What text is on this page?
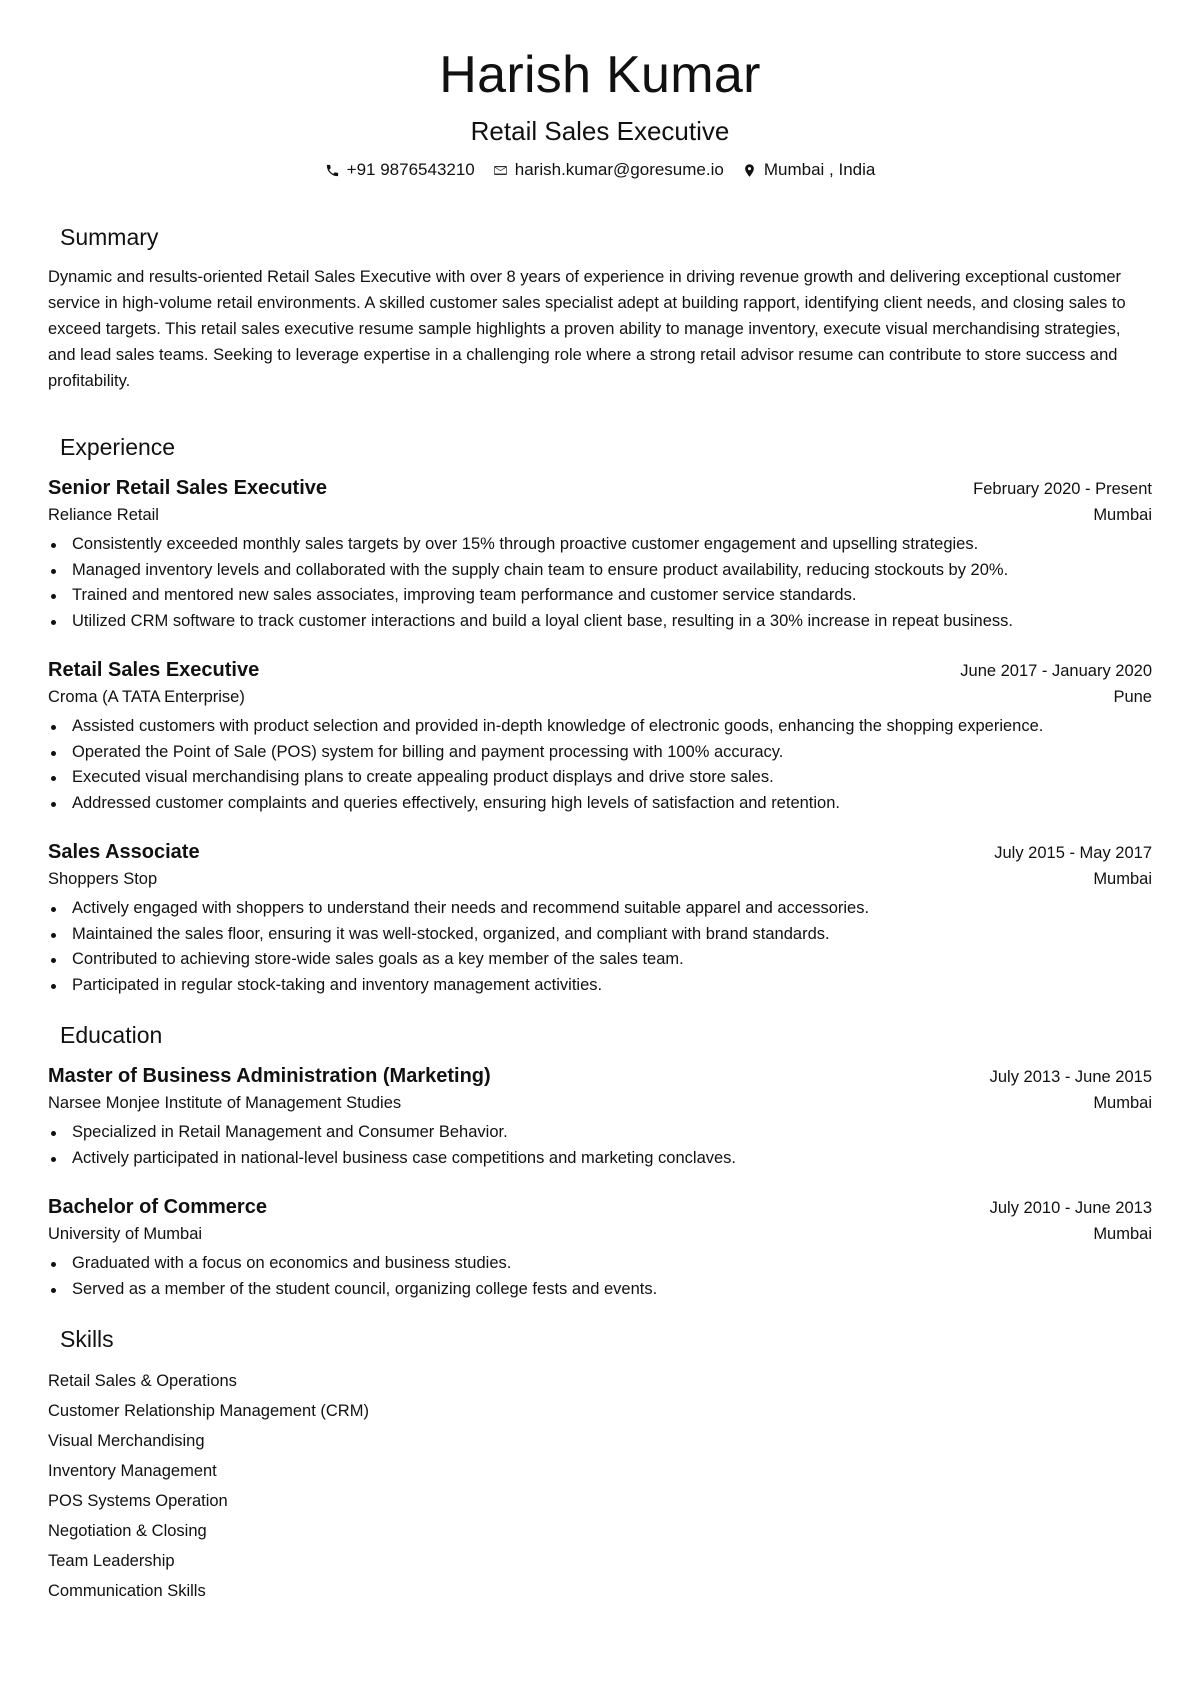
Harish Kumar
Retail Sales Executive
+91 9876543210 harish.kumar@goresume.io Mumbai , India
Summary

Dynamic and results-oriented Retail Sales Executive with over 8 years of experience in driving revenue growth and delivering exceptional customer service in high-volume retail environments. A skilled customer sales specialist adept at building rapport, identifying client needs, and closing sales to exceed targets. This retail sales executive resume sample highlights a proven ability to manage inventory, execute visual merchandising strategies, and lead sales teams. Seeking to leverage expertise in a challenging role where a strong retail advisor resume can contribute to store success and profitability.

Experience
Senior Retail Sales Executive	February 2020 - Present
Reliance Retail	Mumbai
Consistently exceeded monthly sales targets by over 15% through proactive customer engagement and upselling strategies.
Managed inventory levels and collaborated with the supply chain team to ensure product availability, reducing stockouts by 20%.
Trained and mentored new sales associates, improving team performance and customer service standards.
Utilized CRM software to track customer interactions and build a loyal client base, resulting in a 30% increase in repeat business.
Retail Sales Executive	June 2017 - January 2020
Croma (A TATA Enterprise)	Pune
Assisted customers with product selection and provided in-depth knowledge of electronic goods, enhancing the shopping experience.
Operated the Point of Sale (POS) system for billing and payment processing with 100% accuracy.
Executed visual merchandising plans to create appealing product displays and drive store sales.
Addressed customer complaints and queries effectively, ensuring high levels of satisfaction and retention.
Sales Associate	July 2015 - May 2017
Shoppers Stop	Mumbai
Actively engaged with shoppers to understand their needs and recommend suitable apparel and accessories.
Maintained the sales floor, ensuring it was well-stocked, organized, and compliant with brand standards.
Contributed to achieving store-wide sales goals as a key member of the sales team.
Participated in regular stock-taking and inventory management activities.
Education
Master of Business Administration (Marketing)	July 2013 - June 2015
Narsee Monjee Institute of Management Studies	Mumbai
Specialized in Retail Management and Consumer Behavior.
Actively participated in national-level business case competitions and marketing conclaves.
Bachelor of Commerce	July 2010 - June 2013
University of Mumbai	Mumbai
Graduated with a focus on economics and business studies.
Served as a member of the student council, organizing college fests and events.
Skills
Retail Sales & Operations
Customer Relationship Management (CRM)
Visual Merchandising
Inventory Management
POS Systems Operation
Negotiation & Closing
Team Leadership
Communication Skills
